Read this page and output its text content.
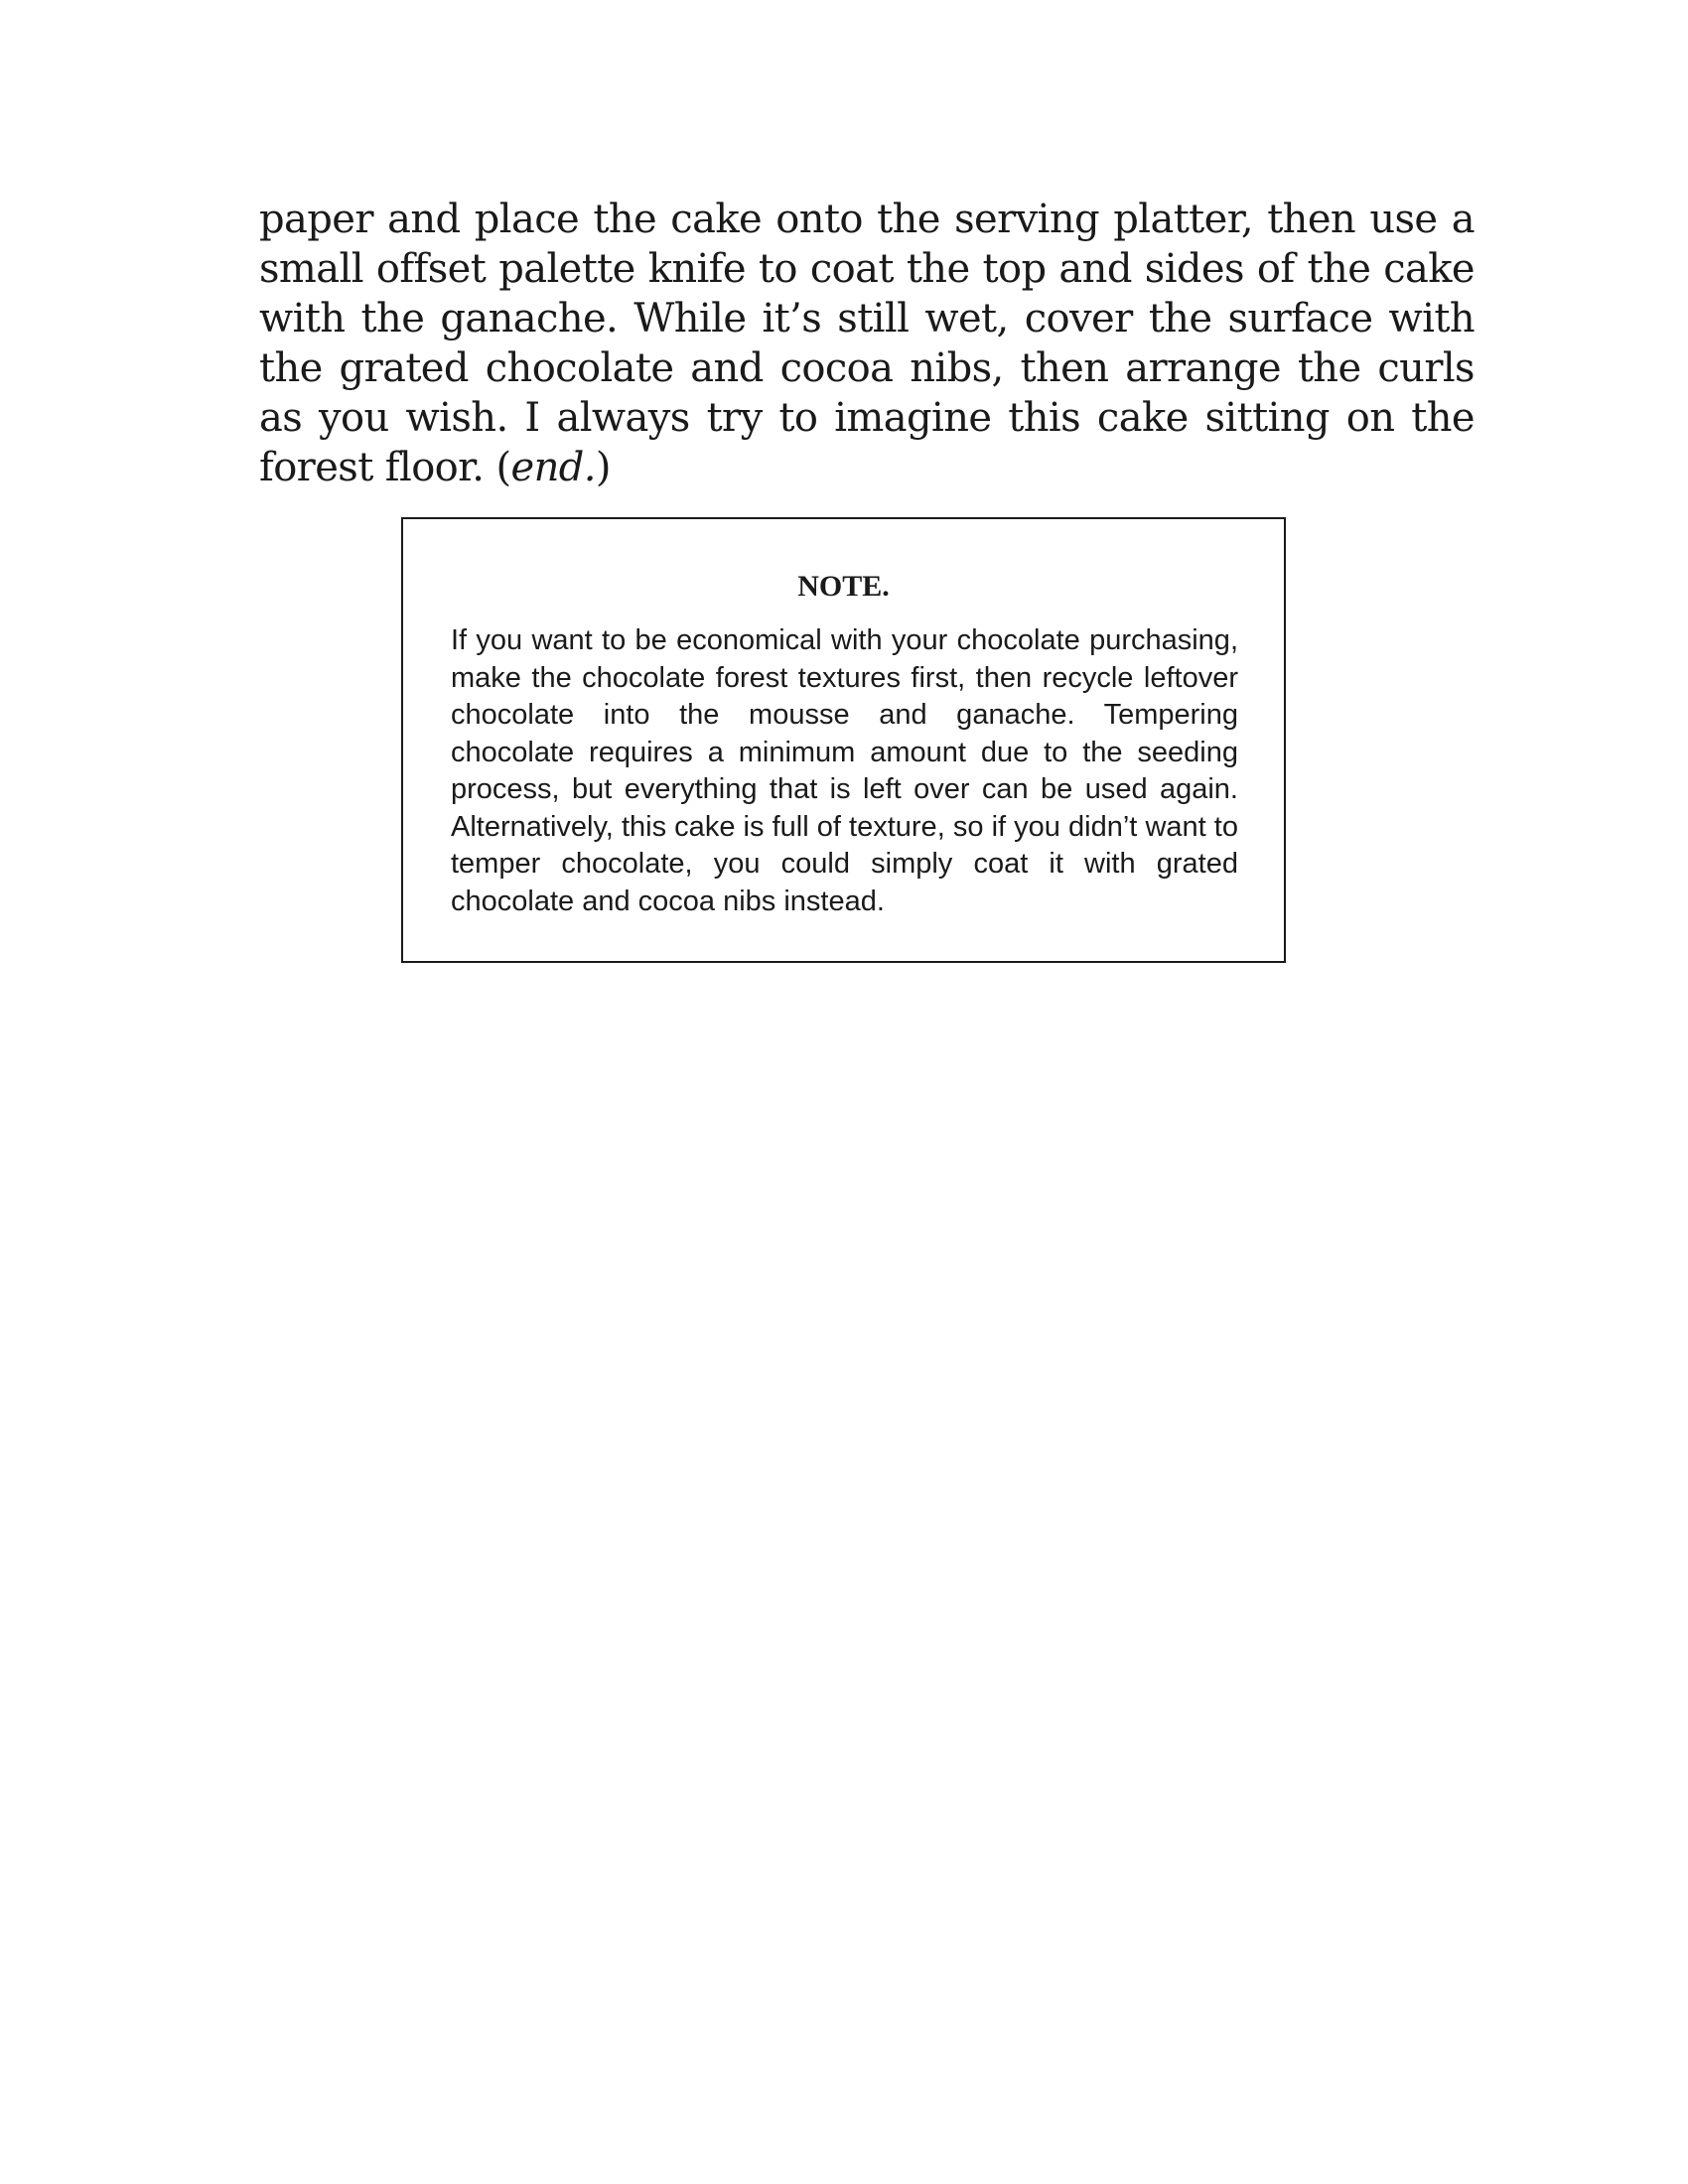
paper and place the cake onto the serving platter, then use a small offset palette knife to coat the top and sides of the cake with the ganache. While it’s still wet, cover the surface with the grated chocolate and cocoa nibs, then arrange the curls as you wish. I always try to imagine this cake sitting on the forest floor. (end.)

NOTE.

If you want to be economical with your chocolate purchasing, make the chocolate forest textures first, then recycle leftover chocolate into the mousse and ganache. Tempering chocolate requires a minimum amount due to the seeding process, but everything that is left over can be used again. Alternatively, this cake is full of texture, so if you didn’t want to temper chocolate, you could simply coat it with grated chocolate and cocoa nibs instead.
